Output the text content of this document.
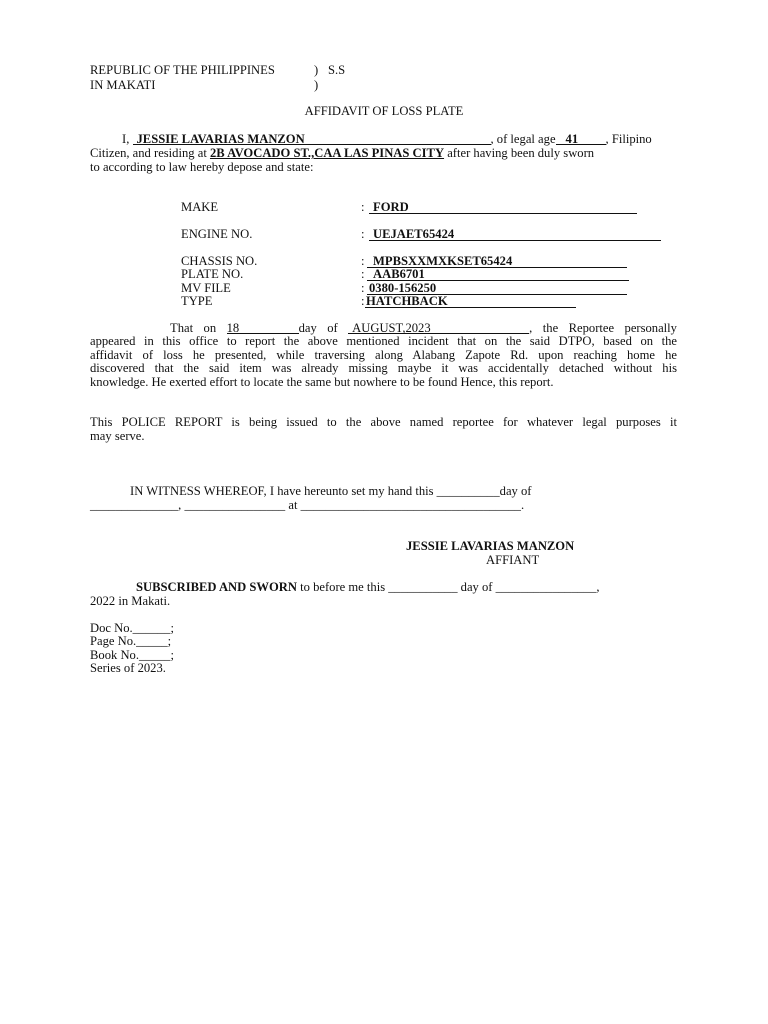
REPUBLIC OF THE PHILIPPINES	) S.S
IN MAKATI	)
AFFIDAVIT OF LOSS PLATE
I, JESSIE LAVARIAS MANZON	, of legal age 41 , Filipino
Citizen, and residing at 2B AVOCADO ST.,CAA LAS PINAS CITY after having been duly sworn
to according to law hereby depose and state:
MAKE	: FORD
ENGINE NO.	: UEJAET65424
CHASSIS NO.	: MPBSXXMXKSET65424
PLATE NO.	: AAB6701
MV FILE	: 0380-156250
TYPE	: HATCHBACK
That on 18	day of AUGUST,2023	, the Reportee personally
appeared in this office to report the above mentioned incident that on the said DTPO, based on the
affidavit of loss he presented, while traversing along Alabang Zapote Rd. upon reaching home he
discovered that the said item was already missing maybe it was accidentally detached without his
knowledge. He exerted effort to locate the same but nowhere to be found Hence, this report.
This POLICE REPORT is being issued to the above named reportee for whatever legal purposes it
may serve.
IN WITNESS WHEREOF, I have hereunto set my hand this __________day of
______________, ________________ at ___________________________________.
JESSIE LAVARIAS MANZON
AFFIANT
SUBSCRIBED AND SWORN to before me this ___________ day of ________________,
2022 in Makati.
Doc No.______;
Page No._____;
Book No._____;
Series of 2023.
